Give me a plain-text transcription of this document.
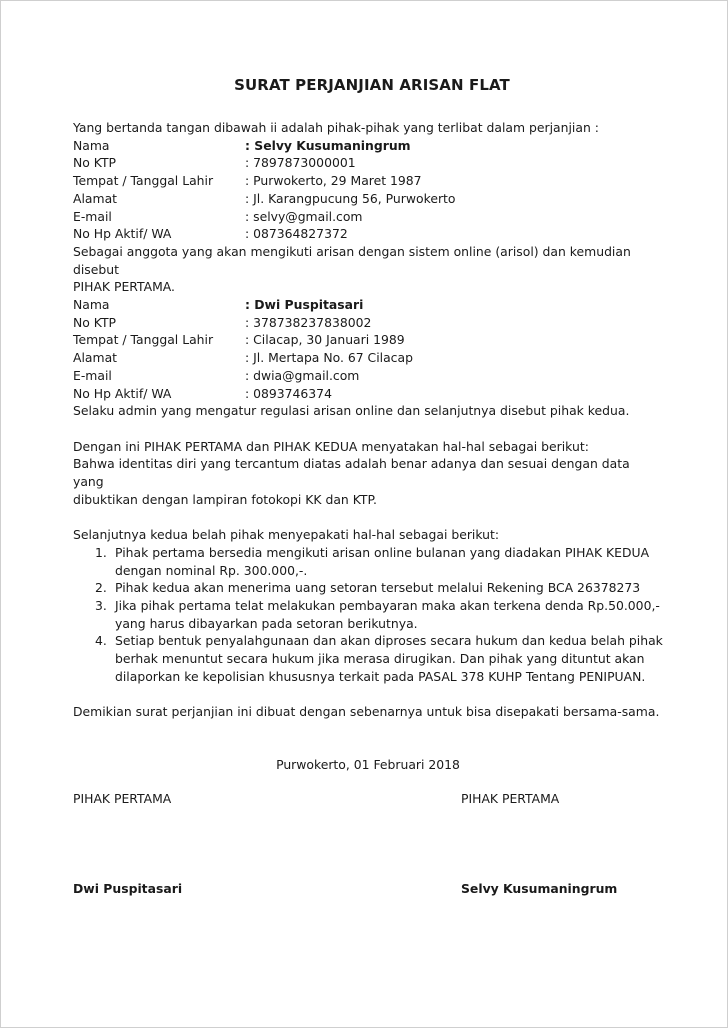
SURAT PERJANJIAN ARISAN FLAT

Yang bertanda tangan dibawah ii adalah pihak-pihak yang terlibat dalam perjanjian :

Nama	: Selvy Kusumaningrum
No KTP	: 7897873000001
Tempat / Tanggal Lahir	: Purwokerto, 29 Maret 1987
Alamat	: Jl. Karangpucung 56, Purwokerto
E-mail	: selvy@gmail.com
No Hp Aktif/ WA	: 087364827372

Sebagai anggota yang akan mengikuti arisan dengan sistem online (arisol) dan kemudian disebut

PIHAK PERTAMA.

Nama	: Dwi Puspitasari
No KTP	: 378738237838002
Tempat / Tanggal Lahir	: Cilacap, 30 Januari 1989
Alamat	: Jl. Mertapa No. 67 Cilacap
E-mail	: dwia@gmail.com
No Hp Aktif/ WA	: 0893746374

Selaku admin yang mengatur regulasi arisan online dan selanjutnya disebut pihak kedua.

Dengan ini PIHAK PERTAMA dan PIHAK KEDUA menyatakan hal-hal sebagai berikut:

Bahwa identitas diri yang tercantum diatas adalah benar adanya dan sesuai dengan data yang

dibuktikan dengan lampiran fotokopi KK dan KTP.

Selanjutnya kedua belah pihak menyepakati hal-hal sebagai berikut:

1. Pihak pertama bersedia mengikuti arisan online bulanan yang diadakan PIHAK KEDUA
dengan nominal Rp. 300.000,-.
2. Pihak kedua akan menerima uang setoran tersebut melalui Rekening BCA 26378273
3. Jika pihak pertama telat melakukan pembayaran maka akan terkena denda Rp.50.000,-
yang harus dibayarkan pada setoran berikutnya.
4. Setiap bentuk penyalahgunaan dan akan diproses secara hukum dan kedua belah pihak
berhak menuntut secara hukum jika merasa dirugikan. Dan pihak yang dituntut akan
dilaporkan ke kepolisian khususnya terkait pada PASAL 378 KUHP Tentang PENIPUAN.

Demikian surat perjanjian ini dibuat dengan sebenarnya untuk bisa disepakati bersama-sama.

Purwokerto, 01 Februari 2018

PIHAK PERTAMA	PIHAK PERTAMA
Dwi Puspitasari	Selvy Kusumaningrum
